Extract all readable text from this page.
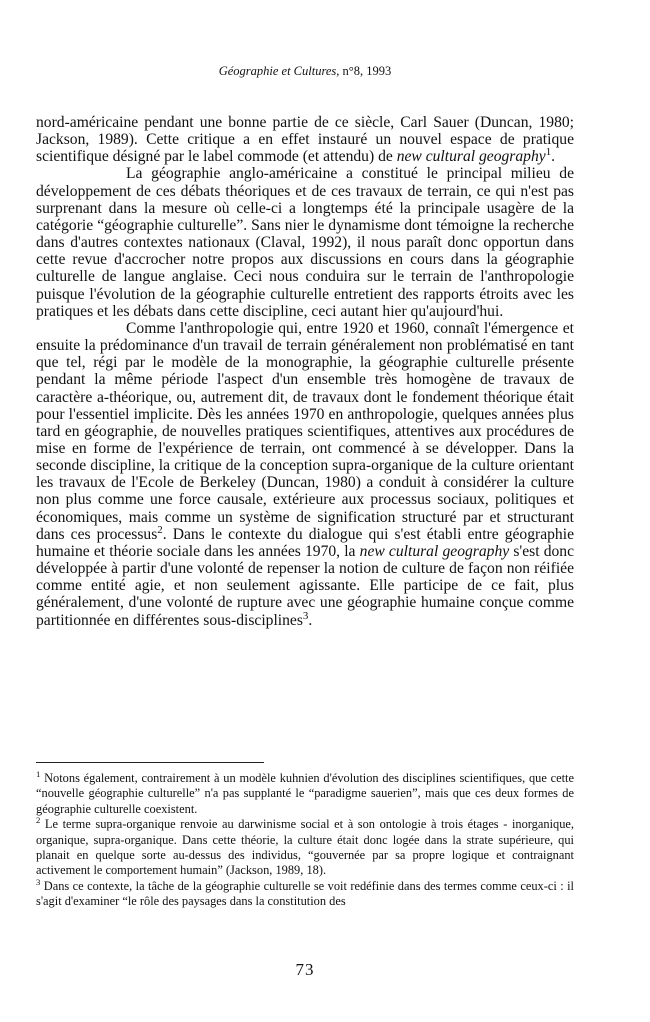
Géographie et Cultures, n°8, 1993

nord-américaine pendant une bonne partie de ce siècle, Carl Sauer (Duncan, 1980; Jackson, 1989). Cette critique a en effet instauré un nouvel espace de pratique scientifique désigné par le label commode (et attendu) de new cultural geography$^1$.

La géographie anglo-américaine a constitué le principal milieu de développement de ces débats théoriques et de ces travaux de terrain, ce qui n'est pas surprenant dans la mesure où celle-ci a longtemps été la principale usagère de la catégorie “géographie culturelle”. Sans nier le dynamisme dont témoigne la recherche dans d'autres contextes nationaux (Claval, 1992), il nous paraît donc opportun dans cette revue d'accrocher notre propos aux discussions en cours dans la géographie culturelle de langue anglaise. Ceci nous conduira sur le terrain de l'anthropologie puisque l'évolution de la géographie culturelle entretient des rapports étroits avec les pratiques et les débats dans cette discipline, ceci autant hier qu'aujourd'hui.

Comme l'anthropologie qui, entre 1920 et 1960, connaît l'émergence et ensuite la prédominance d'un travail de terrain généralement non problématisé en tant que tel, régi par le modèle de la monographie, la géographie culturelle présente pendant la même période l'aspect d'un ensemble très homogène de travaux de caractère a-théorique, ou, autrement dit, de travaux dont le fondement théorique était pour l'essentiel implicite. Dès les années 1970 en anthropologie, quelques années plus tard en géographie, de nouvelles pratiques scientifiques, attentives aux procédures de mise en forme de l'expérience de terrain, ont commencé à se développer. Dans la seconde discipline, la critique de la conception supra-organique de la culture orientant les travaux de l'Ecole de Berkeley (Duncan, 1980) a conduit à considérer la culture non plus comme une force causale, extérieure aux processus sociaux, politiques et économiques, mais comme un système de signification structuré par et structurant dans ces processus$^2$. Dans le contexte du dialogue qui s'est établi entre géographie humaine et théorie sociale dans les années 1970, la new cultural geography s'est donc développée à partir d'une volonté de repenser la notion de culture de façon non réifiée comme entité agie, et non seulement agissante. Elle participe de ce fait, plus généralement, d'une volonté de rupture avec une géographie humaine conçue comme partitionnée en différentes sous-disciplines$^3$.

$^1$ Notons également, contrairement à un modèle kuhnien d'évolution des disciplines scientifiques, que cette “nouvelle géographie culturelle” n'a pas supplanté le “paradigme sauerien”, mais que ces deux formes de géographie culturelle coexistent.

$^2$ Le terme supra-organique renvoie au darwinisme social et à son ontologie à trois étages - inorganique, organique, supra-organique. Dans cette théorie, la culture était donc logée dans la strate supérieure, qui planait en quelque sorte au-dessus des individus, “gouvernée par sa propre logique et contraignant activement le comportement humain” (Jackson, 1989, 18).

$^3$ Dans ce contexte, la tâche de la géographie culturelle se voit redéfinie dans des termes comme ceux-ci : il s'agit d'examiner “le rôle des paysages dans la constitution des

73
